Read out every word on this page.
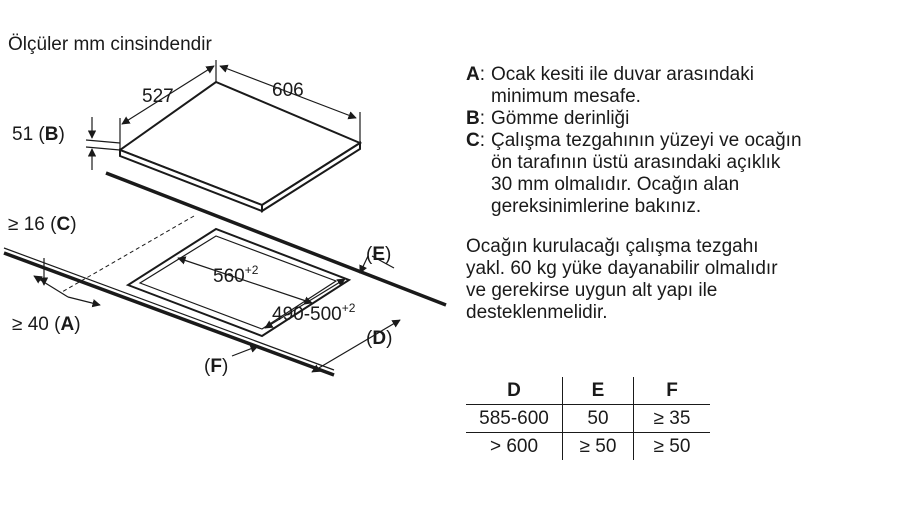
Ölçüler mm cinsindendir
527	606
51 (B)
$560^{+2}$
$490-500^{+2}$
≥ 16 (C)
≥ 40 (A)
(E)
(D)
(F)
A : Ocak kesiti ile duvar arasındaki
minimum mesafe.
B : Gömme derinliği
C : Çalışma tezgahının yüzeyi ve ocağın
ön tarafının üstü arasındaki açıklık
30 mm olmalıdır. Ocağın alan
gereksinimlerine bakınız.
Ocağın kurulacağı çalışma tezgahı
yakl. 60 kg yüke dayanabilir olmalıdır
ve gerekirse uygun alt yapı ile
desteklenmelidir.
D	E	F
585-600	50	≥ 35
> 600	≥ 50	≥ 50
